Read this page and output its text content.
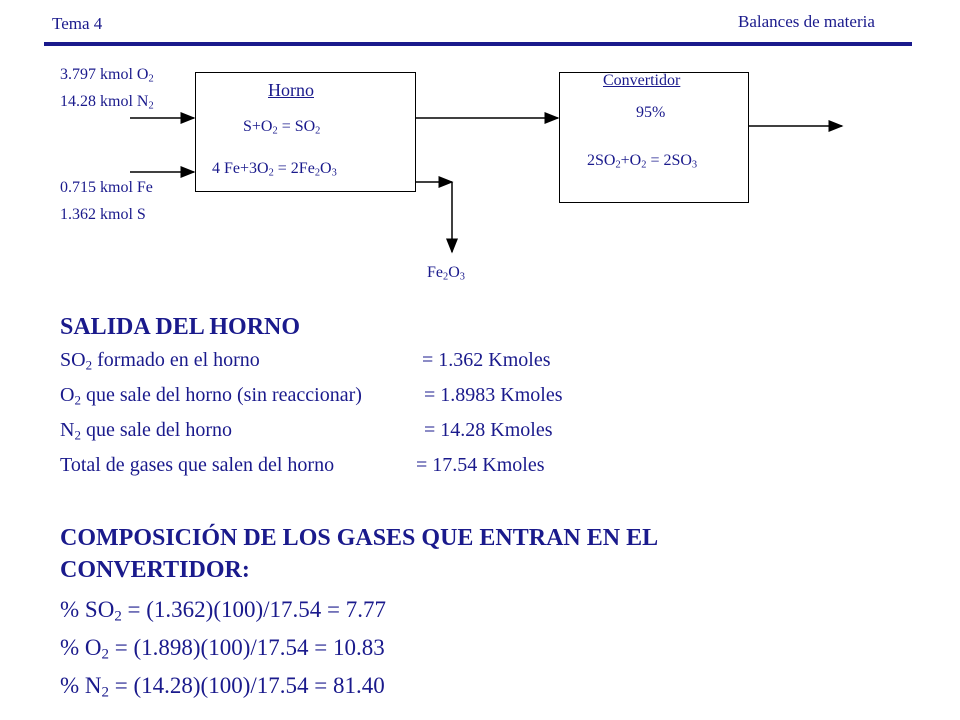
Tema 4	Balances de materia
3.797 kmol $O_2$
14.28 kmol $N_2$
0.715 kmol Fe
1.362 kmol S
Horno
$S+O_2 = SO_2$
4 $Fe+3O_2 = 2Fe_2O_3$
Convertidor
95%
$2SO_2+O_2 = 2SO_3$
$Fe_2O_3$
SALIDA DEL HORNO
$SO_2$ formado en el horno	= 1.362 Kmoles
$O_2$ que sale del horno (sin reaccionar)	= 1.8983 Kmoles
$N_2$ que sale del horno	= 14.28 Kmoles
Total de gases que salen del horno	= 17.54 Kmoles
COMPOSICIÓN DE LOS GASES QUE ENTRAN EN EL
CONVERTIDOR:
% $SO_2 = (1.362)(100)/17.54 = 7.77$
% $O_2 = (1.898)(100)/17.54 = 10.83$
% $N_2 = (14.28)(100)/17.54 = 81.40$
